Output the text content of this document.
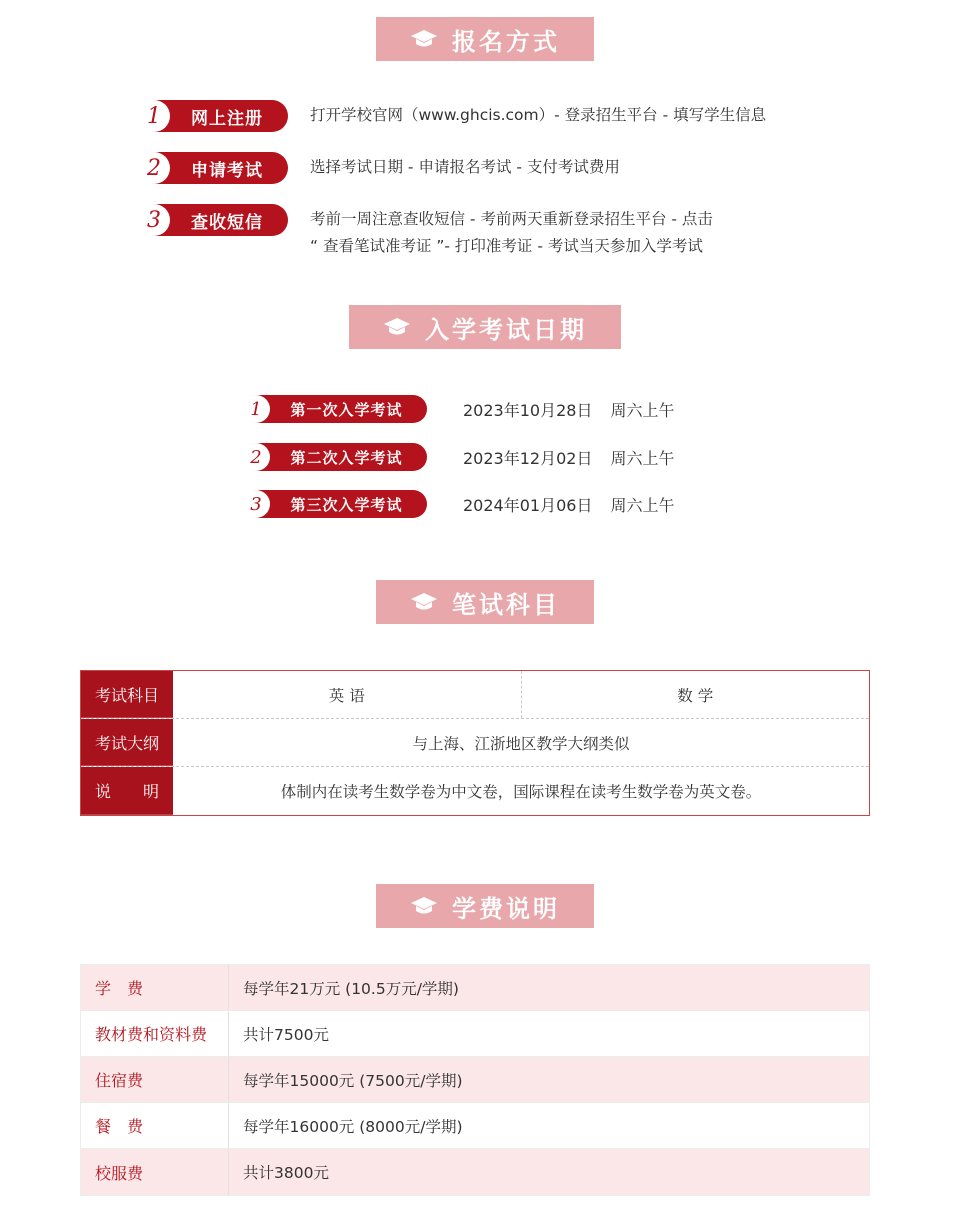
报名方式
1	网上注册	打开学校官网（www.ghcis.com）- 登录招生平台 - 填写学生信息
2	申请考试	选择考试日期 - 申请报名考试 - 支付考试费用
3	查收短信	考前一周注意查收短信 - 考前两天重新登录招生平台 - 点击
“ 查看笔试准考证 ”- 打印准考证 - 考试当天参加入学考试
入学考试日期
1	第一次入学考试	2023年10月28日 周六上午
2	第二次入学考试	2023年12月02日 周六上午
3	第三次入学考试	2024年01月06日 周六上午
笔试科目
考试科目	英 语	数 学
考试大纲	与上海、江浙地区教学大纲类似
说　　明	体制内在读考生数学卷为中文卷，国际课程在读考生数学卷为英文卷。
学费说明
学　费	每学年21万元 (10.5万元/学期)
教材费和资料费	共计7500元
住宿费	每学年15000元 (7500元/学期)
餐　费	每学年16000元 (8000元/学期)
校服费	共计3800元
